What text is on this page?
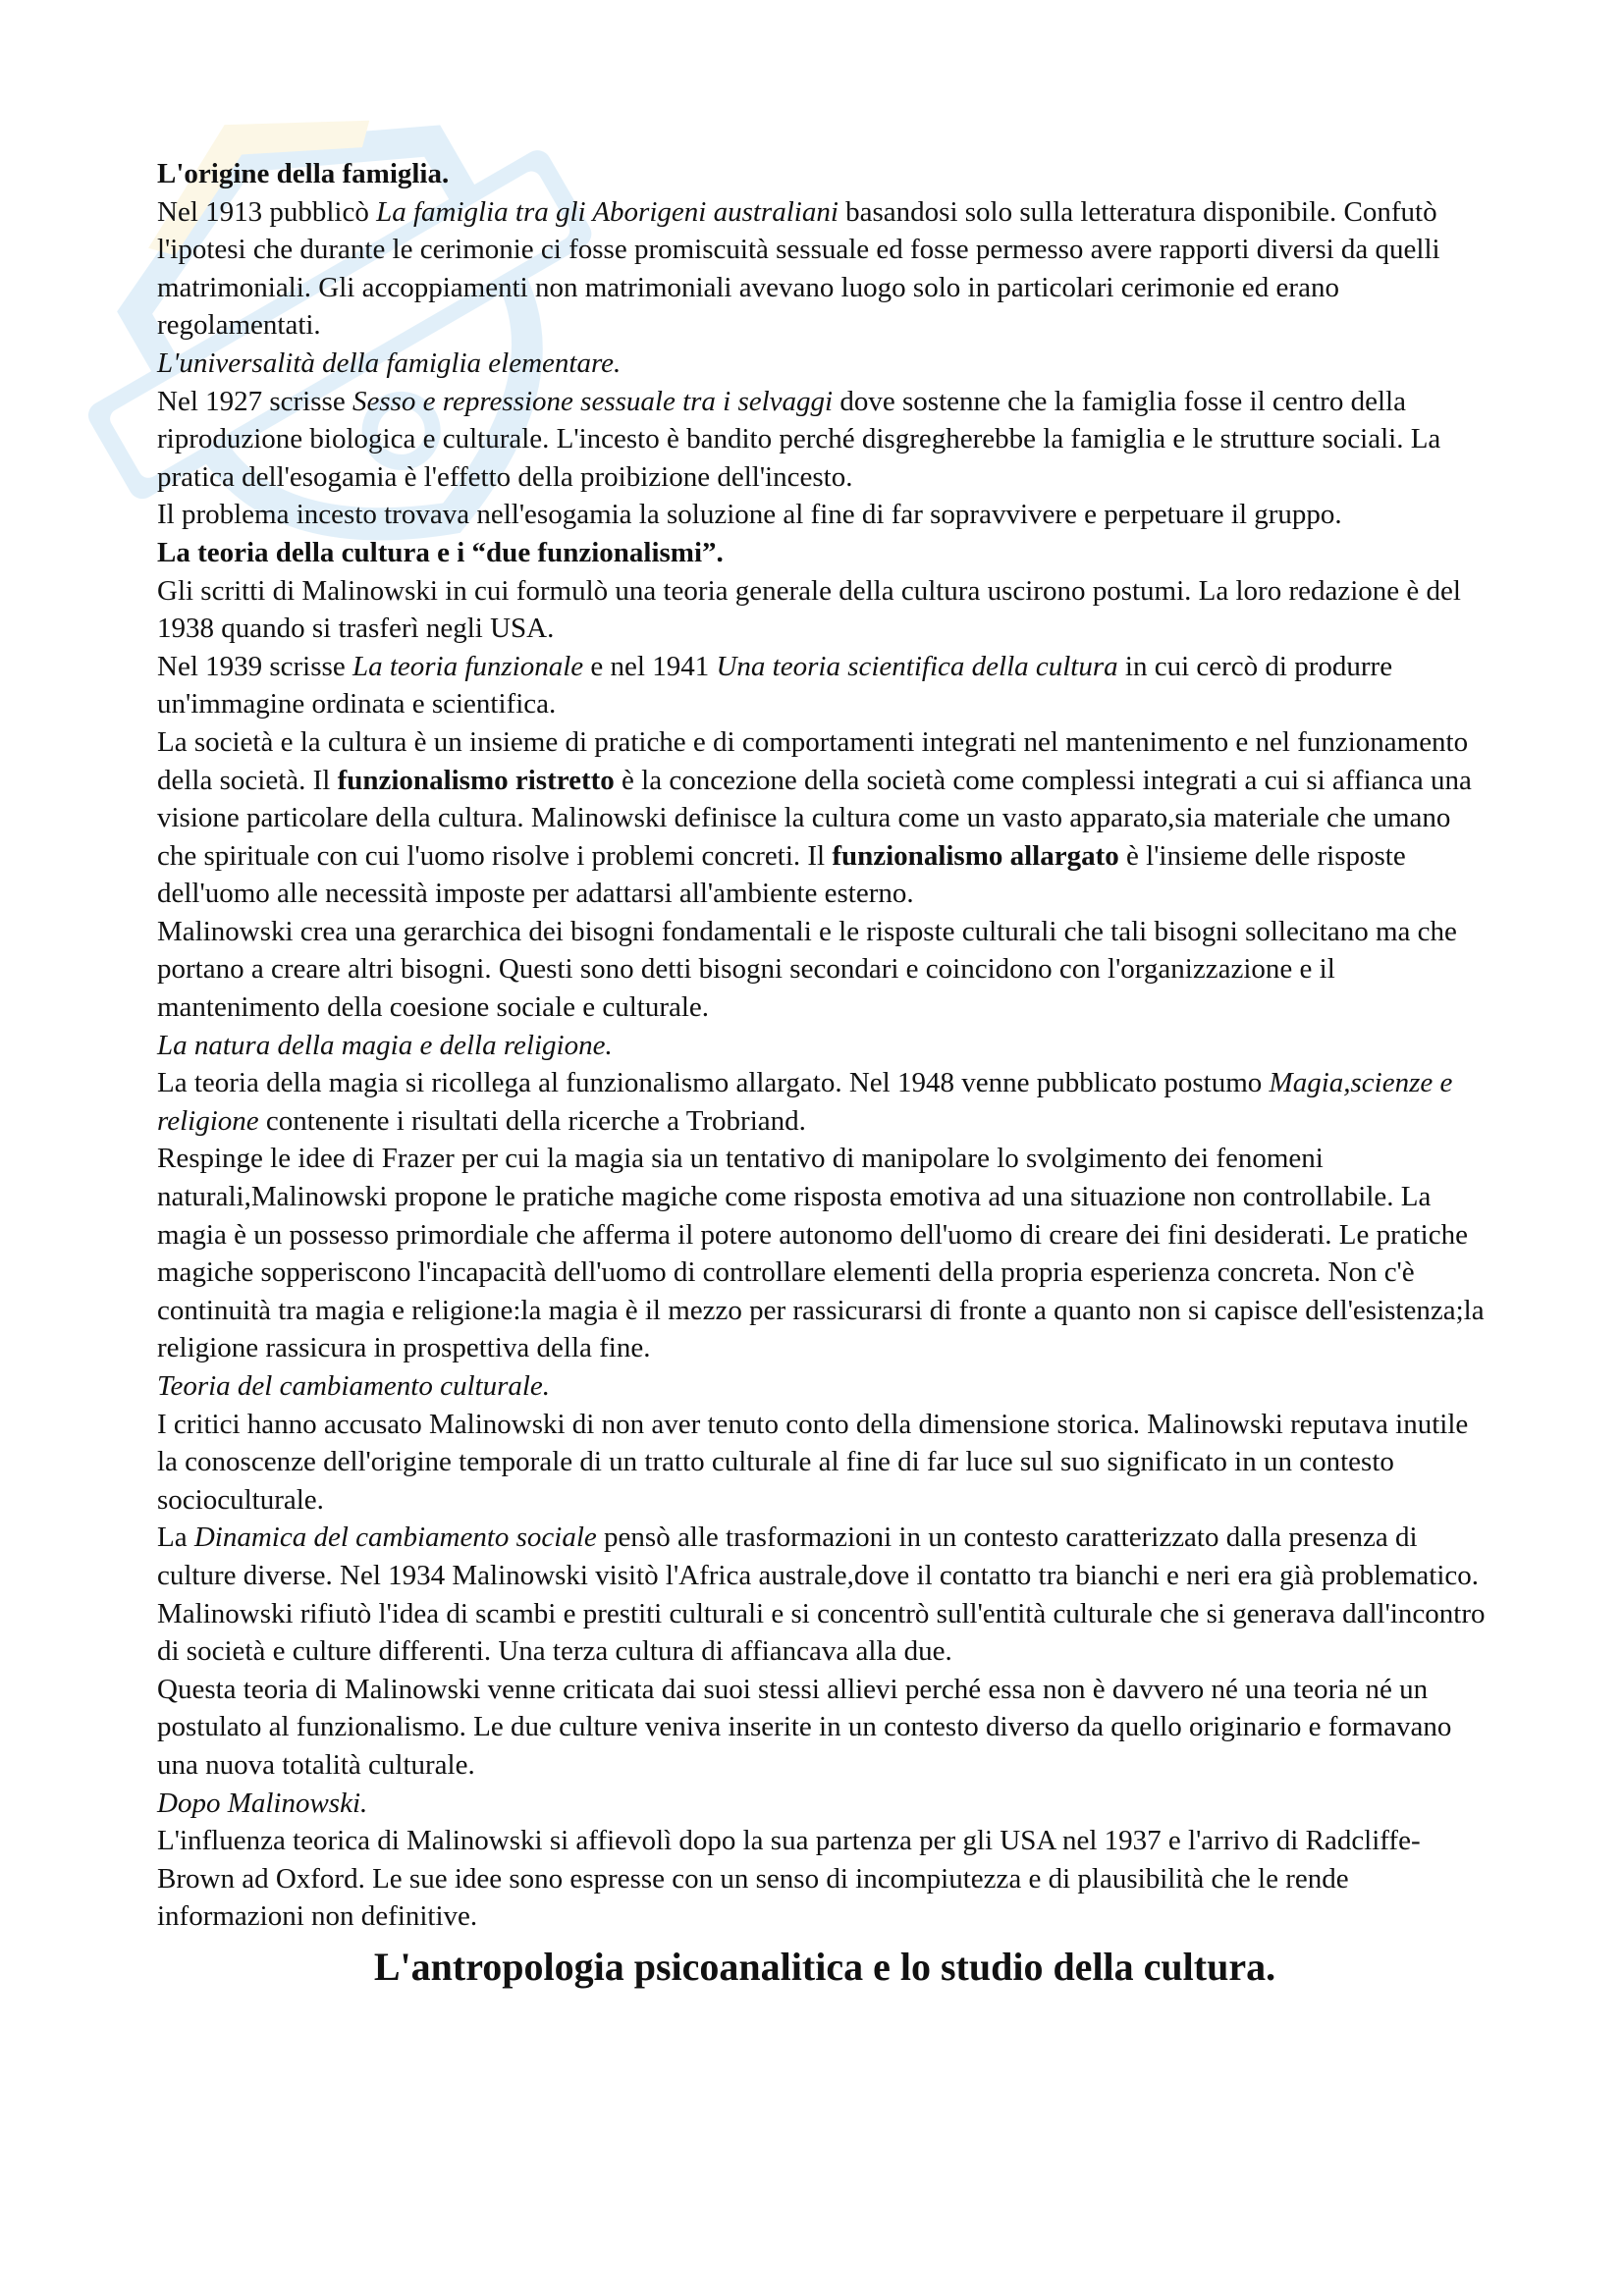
L'origine della famiglia.

Nel 1913 pubblicò La famiglia tra gli Aborigeni australiani basandosi solo sulla letteratura disponibile. Confutò l'ipotesi che durante le cerimonie ci fosse promiscuità sessuale ed fosse permesso avere rapporti diversi da quelli matrimoniali. Gli accoppiamenti non matrimoniali avevano luogo solo in particolari cerimonie ed erano regolamentati.

L'universalità della famiglia elementare.

Nel 1927 scrisse Sesso e repressione sessuale tra i selvaggi dove sostenne che la famiglia fosse il centro della riproduzione biologica e culturale. L'incesto è bandito perché disgregherebbe la famiglia e le strutture sociali. La pratica dell'esogamia è l'effetto della proibizione dell'incesto.

Il problema incesto trovava nell'esogamia la soluzione al fine di far sopravvivere e perpetuare il gruppo.

La teoria della cultura e i “due funzionalismi”.

Gli scritti di Malinowski in cui formulò una teoria generale della cultura uscirono postumi. La loro redazione è del 1938 quando si trasferì negli USA.

Nel 1939 scrisse La teoria funzionale e nel 1941 Una teoria scientifica della cultura in cui cercò di produrre un'immagine ordinata e scientifica.

La società e la cultura è un insieme di pratiche e di comportamenti integrati nel mantenimento e nel funzionamento della società. Il funzionalismo ristretto è la concezione della società come complessi integrati a cui si affianca una visione particolare della cultura. Malinowski definisce la cultura come un vasto apparato,sia materiale che umano che spirituale con cui l'uomo risolve i problemi concreti. Il funzionalismo allargato è l'insieme delle risposte dell'uomo alle necessità imposte per adattarsi all'ambiente esterno.

Malinowski crea una gerarchica dei bisogni fondamentali e le risposte culturali che tali bisogni sollecitano ma che portano a creare altri bisogni. Questi sono detti bisogni secondari e coincidono con l'organizzazione e il mantenimento della coesione sociale e culturale.

La natura della magia e della religione.

La teoria della magia si ricollega al funzionalismo allargato. Nel 1948 venne pubblicato postumo Magia,scienze e religione contenente i risultati della ricerche a Trobriand.

Respinge le idee di Frazer per cui la magia sia un tentativo di manipolare lo svolgimento dei fenomeni naturali,Malinowski propone le pratiche magiche come risposta emotiva ad una situazione non controllabile. La magia è un possesso primordiale che afferma il potere autonomo dell'uomo di creare dei fini desiderati. Le pratiche magiche sopperiscono l'incapacità dell'uomo di controllare elementi della propria esperienza concreta. Non c'è continuità tra magia e religione:la magia è il mezzo per rassicurarsi di fronte a quanto non si capisce dell'esistenza;la religione rassicura in prospettiva della fine.

Teoria del cambiamento culturale.

I critici hanno accusato Malinowski di non aver tenuto conto della dimensione storica. Malinowski reputava inutile la conoscenze dell'origine temporale di un tratto culturale al fine di far luce sul suo significato in un contesto socioculturale.

La Dinamica del cambiamento sociale pensò alle trasformazioni in un contesto caratterizzato dalla presenza di culture diverse. Nel 1934 Malinowski visitò l'Africa australe,dove il contatto tra bianchi e neri era già problematico. Malinowski rifiutò l'idea di scambi e prestiti culturali e si concentrò sull'entità culturale che si generava dall'incontro di società e culture differenti. Una terza cultura di affiancava alla due.

Questa teoria di Malinowski venne criticata dai suoi stessi allievi perché essa non è davvero né una teoria né un postulato al funzionalismo. Le due culture veniva inserite in un contesto diverso da quello originario e formavano una nuova totalità culturale.

Dopo Malinowski.

L'influenza teorica di Malinowski si affievolì dopo la sua partenza per gli USA nel 1937 e l'arrivo di Radcliffe-Brown ad Oxford. Le sue idee sono espresse con un senso di incompiutezza e di plausibilità che le rende informazioni non definitive.

L'antropologia psicoanalitica e lo studio della cultura.
